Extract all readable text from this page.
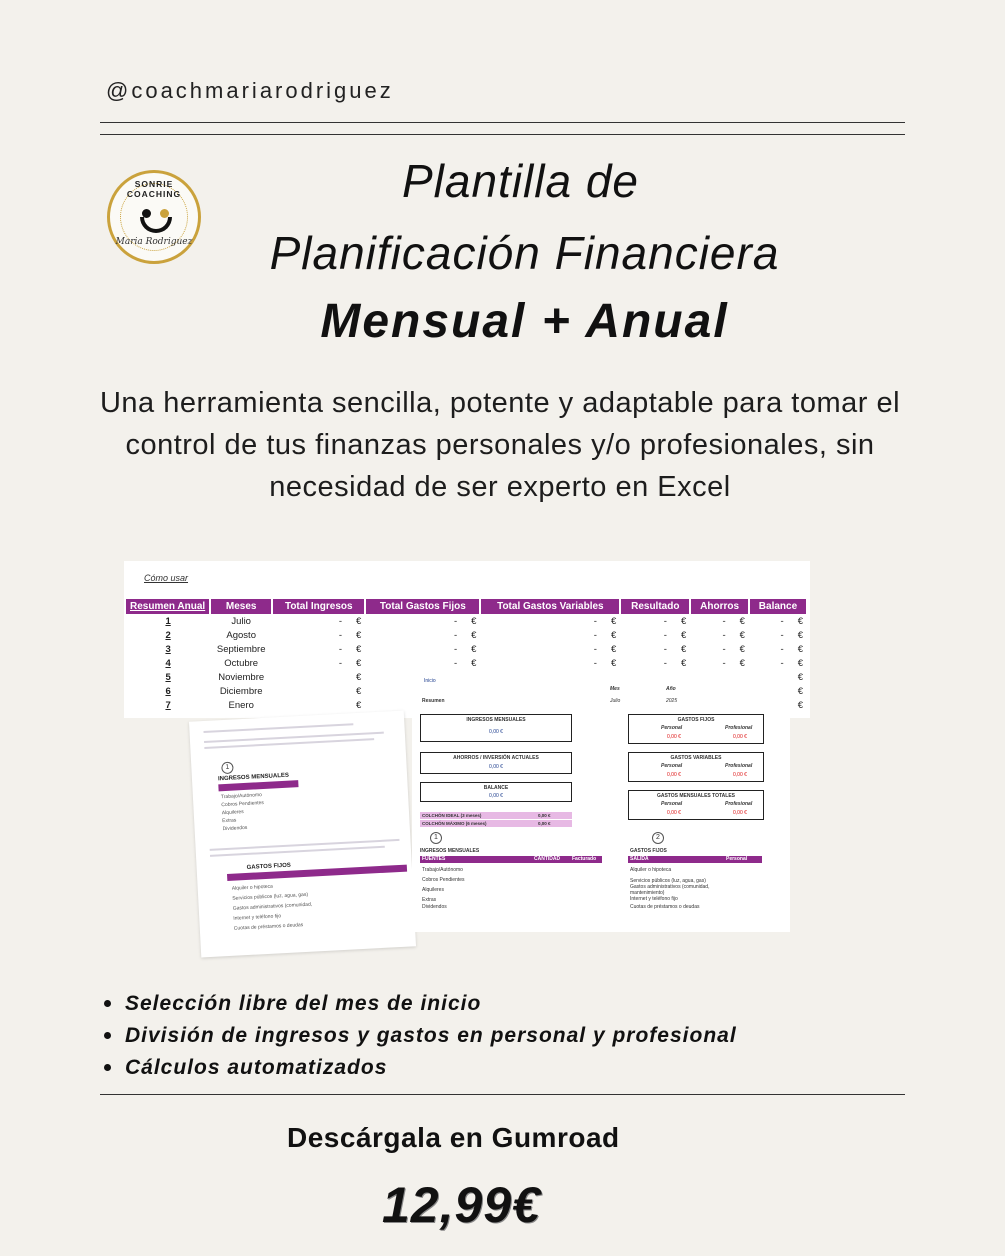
@coachmariarodriguez
SONRIE COACHING
Maria Rodriguez
Plantilla de
Planificación Financiera
Mensual + Anual
Una herramienta sencilla, potente y adaptable para tomar el control de tus finanzas personales y/o profesionales, sin necesidad de ser experto en Excel
Cómo usar
Resumen Anual	Meses	Total Ingresos	Total Gastos Fijos	Total Gastos Variables	Resultado	Ahorros	Balance
1	Julio	- €	- €	- €	- €	- €	- €
2	Agosto	- €	- €	- €	- €	- €	- €
3	Septiembre	- €	- €	- €	- €	- €	- €
4	Octubre	- €	- €	- €	- €	- €	- €
5	Noviembre	€					€
6	Diciembre	€					€
7	Enero	€					€
1
INGRESOS MENSUALES
Trabajo/Autónomo
Cobros Pendientes
Alquileres
Extras
Dividendos
GASTOS FIJOS
Alquiler o hipoteca
Servicios públicos (luz, agua, gas)
Gastos administrativos (comunidad,
Internet y teléfono fijo
Cuotas de préstamos o deudas
Inicio
Resumen
Mes
Julio
Año
2025
INGRESOS MENSUALES
0,00 €
AHORROS / INVERSIÓN ACTUALES
0,00 €
BALANCE
0,00 €
COLCHÓN IDEAL (3 meses)	0,00 €
COLCHÓN MÁXIMO (6 meses)	0,00 €
GASTOS FIJOS
Personal	Profesional
0,00 €	0,00 €
GASTOS VARIABLES
Personal	Profesional
0,00 €	0,00 €
GASTOS MENSUALES TOTALES
Personal	Profesional
0,00 €	0,00 €
1	2
INGRESOS MENSUALES	GASTOS FIJOS
FUENTES	CANTIDAD Facturado	SALIDA	Personal
Trabajo/Autónomo
Cobros Pendientes
Alquileres
Extras
Dividendos
Alquiler o hipoteca
Servicios públicos (luz, agua, gas)
Gastos administrativos (comunidad,
mantenimiento)
Internet y teléfono fijo
Cuotas de préstamos o deudas
Selección libre del mes de inicio
División de ingresos y gastos en personal y profesional
Cálculos automatizados
Descárgala en Gumroad
12,99€
